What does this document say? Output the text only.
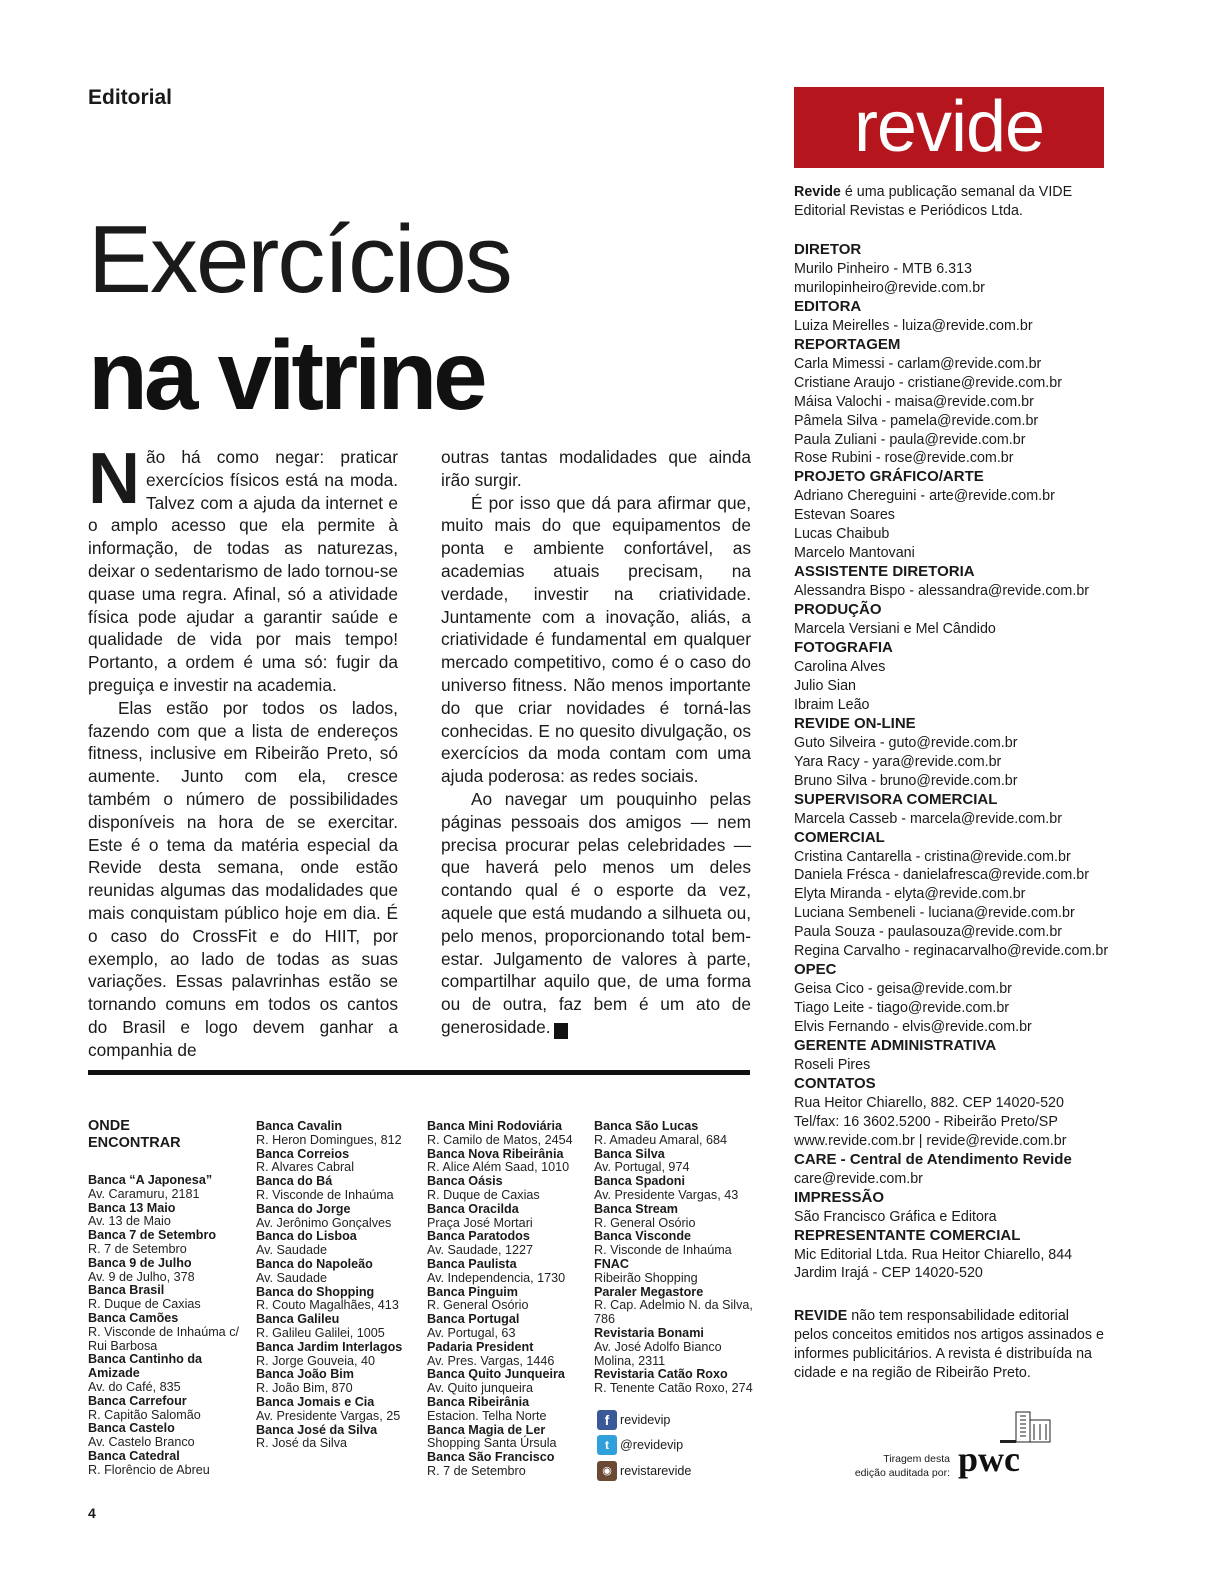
Editorial
Exercícios
na vitrine

Não há como negar: praticar exercícios físicos está na moda. Talvez com a ajuda da internet e o amplo acesso que ela permite à informação, de todas as naturezas, deixar o sedentarismo de lado tornou-se quase uma regra. Afinal, só a atividade física pode ajudar a garantir saúde e qualidade de vida por mais tempo! Portanto, a ordem é uma só: fugir da preguiça e investir na academia.

Elas estão por todos os lados, fazendo com que a lista de endereços fitness, inclusive em Ribeirão Preto, só aumente. Junto com ela, cresce também o número de possibilidades disponíveis na hora de se exercitar. Este é o tema da matéria especial da Revide desta semana, onde estão reunidas algumas das modalidades que mais conquistam público hoje em dia. É o caso do CrossFit e do HIIT, por exemplo, ao lado de todas as suas variações. Essas palavrinhas estão se tornando comuns em todos os cantos do Brasil e logo devem ganhar a companhia de

outras tantas modalidades que ainda irão surgir.

É por isso que dá para afirmar que, muito mais do que equipamentos de ponta e ambiente confortável, as academias atuais precisam, na verdade, investir na criatividade. Juntamente com a inovação, aliás, a criatividade é fundamental em qualquer mercado competitivo, como é o caso do universo fitness. Não menos importante do que criar novidades é torná-las conhecidas. E no quesito divulgação, os exercícios da moda contam com uma ajuda poderosa: as redes sociais.

Ao navegar um pouquinho pelas páginas pessoais dos amigos — nem precisa procurar pelas celebridades — que haverá pelo menos um deles contando qual é o esporte da vez, aquele que está mudando a silhueta ou, pelo menos, proporcionando total bem-estar. Julgamento de valores à parte, compartilhar aquilo que, de uma forma ou de outra, faz bem é um ato de generosidade.	r

ONDE
ENCONTRAR
Banca “A Japonesa”
Av. Caramuru, 2181
Banca 13 Maio
Av. 13 de Maio
Banca 7 de Setembro
R. 7 de Setembro
Banca 9 de Julho
Av. 9 de Julho, 378
Banca Brasil
R. Duque de Caxias
Banca Camões
R. Visconde de Inhaúma c/ Rui Barbosa
Banca Cantinho da Amizade
Av. do Café, 835
Banca Carrefour
R. Capitão Salomão
Banca Castelo
Av. Castelo Branco
Banca Catedral
R. Florêncio de Abreu
Banca Cavalin
R. Heron Domingues, 812
Banca Correios
R. Alvares Cabral
Banca do Bá
R. Visconde de Inhaúma
Banca do Jorge
Av. Jerônimo Gonçalves
Banca do Lisboa
Av. Saudade
Banca do Napoleão
Av. Saudade
Banca do Shopping
R. Couto Magalhães, 413
Banca Galileu
R. Galileu Galilei, 1005
Banca Jardim Interlagos
R. Jorge Gouveia, 40
Banca João Bim
R. João Bim, 870
Banca Jomais e Cia
Av. Presidente Vargas, 25
Banca José da Silva
R. José da Silva
Banca Mini Rodoviária
R. Camilo de Matos, 2454
Banca Nova Ribeirânia
R. Alice Além Saad, 1010
Banca Oásis
R. Duque de Caxias
Banca Oracilda
Praça José Mortari
Banca Paratodos
Av. Saudade, 1227
Banca Paulista
Av. Independencia, 1730
Banca Pinguim
R. General Osório
Banca Portugal
Av. Portugal, 63
Padaria President
Av. Pres. Vargas, 1446
Banca Quito Junqueira
Av. Quito junqueira
Banca Ribeirânia
Estacion. Telha Norte
Banca Magia de Ler
Shopping Santa Úrsula
Banca São Francisco
R. 7 de Setembro
Banca São Lucas
R. Amadeu Amaral, 684
Banca Silva
Av. Portugal, 974
Banca Spadoni
Av. Presidente Vargas, 43
Banca Stream
R. General Osório
Banca Visconde
R. Visconde de Inhaúma
FNAC
Ribeirão Shopping
Paraler Megastore
R. Cap. Adelmio N. da Silva, 786
Revistaria Bonami
Av. José Adolfo Bianco Molina, 2311
Revistaria Catão Roxo
R. Tenente Catão Roxo, 274
f revidevip
t @revidevip
◉ revistarevide
revide
Revide é uma publicação semanal da VIDE Editorial Revistas e Periódicos Ltda.
DIRETOR
Murilo Pinheiro - MTB 6.313
murilopinheiro@revide.com.br
EDITORA
Luiza Meirelles - luiza@revide.com.br
REPORTAGEM
Carla Mimessi - carlam@revide.com.br
Cristiane Araujo - cristiane@revide.com.br
Máisa Valochi - maisa@revide.com.br
Pâmela Silva - pamela@revide.com.br
Paula Zuliani - paula@revide.com.br
Rose Rubini - rose@revide.com.br
PROJETO GRÁFICO/ARTE
Adriano Chereguini - arte@revide.com.br
Estevan Soares
Lucas Chaibub
Marcelo Mantovani
ASSISTENTE DIRETORIA
Alessandra Bispo - alessandra@revide.com.br
PRODUÇÃO
Marcela Versiani e Mel Cândido
FOTOGRAFIA
Carolina Alves
Julio Sian
Ibraim Leão
REVIDE ON-LINE
Guto Silveira - guto@revide.com.br
Yara Racy - yara@revide.com.br
Bruno Silva - bruno@revide.com.br
SUPERVISORA COMERCIAL
Marcela Casseb - marcela@revide.com.br
COMERCIAL
Cristina Cantarella - cristina@revide.com.br
Daniela Frésca - danielafresca@revide.com.br
Elyta Miranda - elyta@revide.com.br
Luciana Sembeneli - luciana@revide.com.br
Paula Souza - paulasouza@revide.com.br
Regina Carvalho - reginacarvalho@revide.com.br
OPEC
Geisa Cico - geisa@revide.com.br
Tiago Leite - tiago@revide.com.br
Elvis Fernando - elvis@revide.com.br
GERENTE ADMINISTRATIVA
Roseli Pires
CONTATOS
Rua Heitor Chiarello, 882. CEP 14020-520
Tel/fax: 16 3602.5200 - Ribeirão Preto/SP
www.revide.com.br | revide@revide.com.br
CARE - Central de Atendimento Revide
care@revide.com.br
IMPRESSÃO
São Francisco Gráfica e Editora
REPRESENTANTE COMERCIAL
Mic Editorial Ltda. Rua Heitor Chiarello, 844
Jardim Irajá - CEP 14020-520
REVIDE não tem responsabilidade editorial pelos conceitos emitidos nos artigos assinados e informes publicitários. A revista é distribuída na cidade e na região de Ribeirão Preto.
Tiragem desta
edição auditada por: pwc
4
